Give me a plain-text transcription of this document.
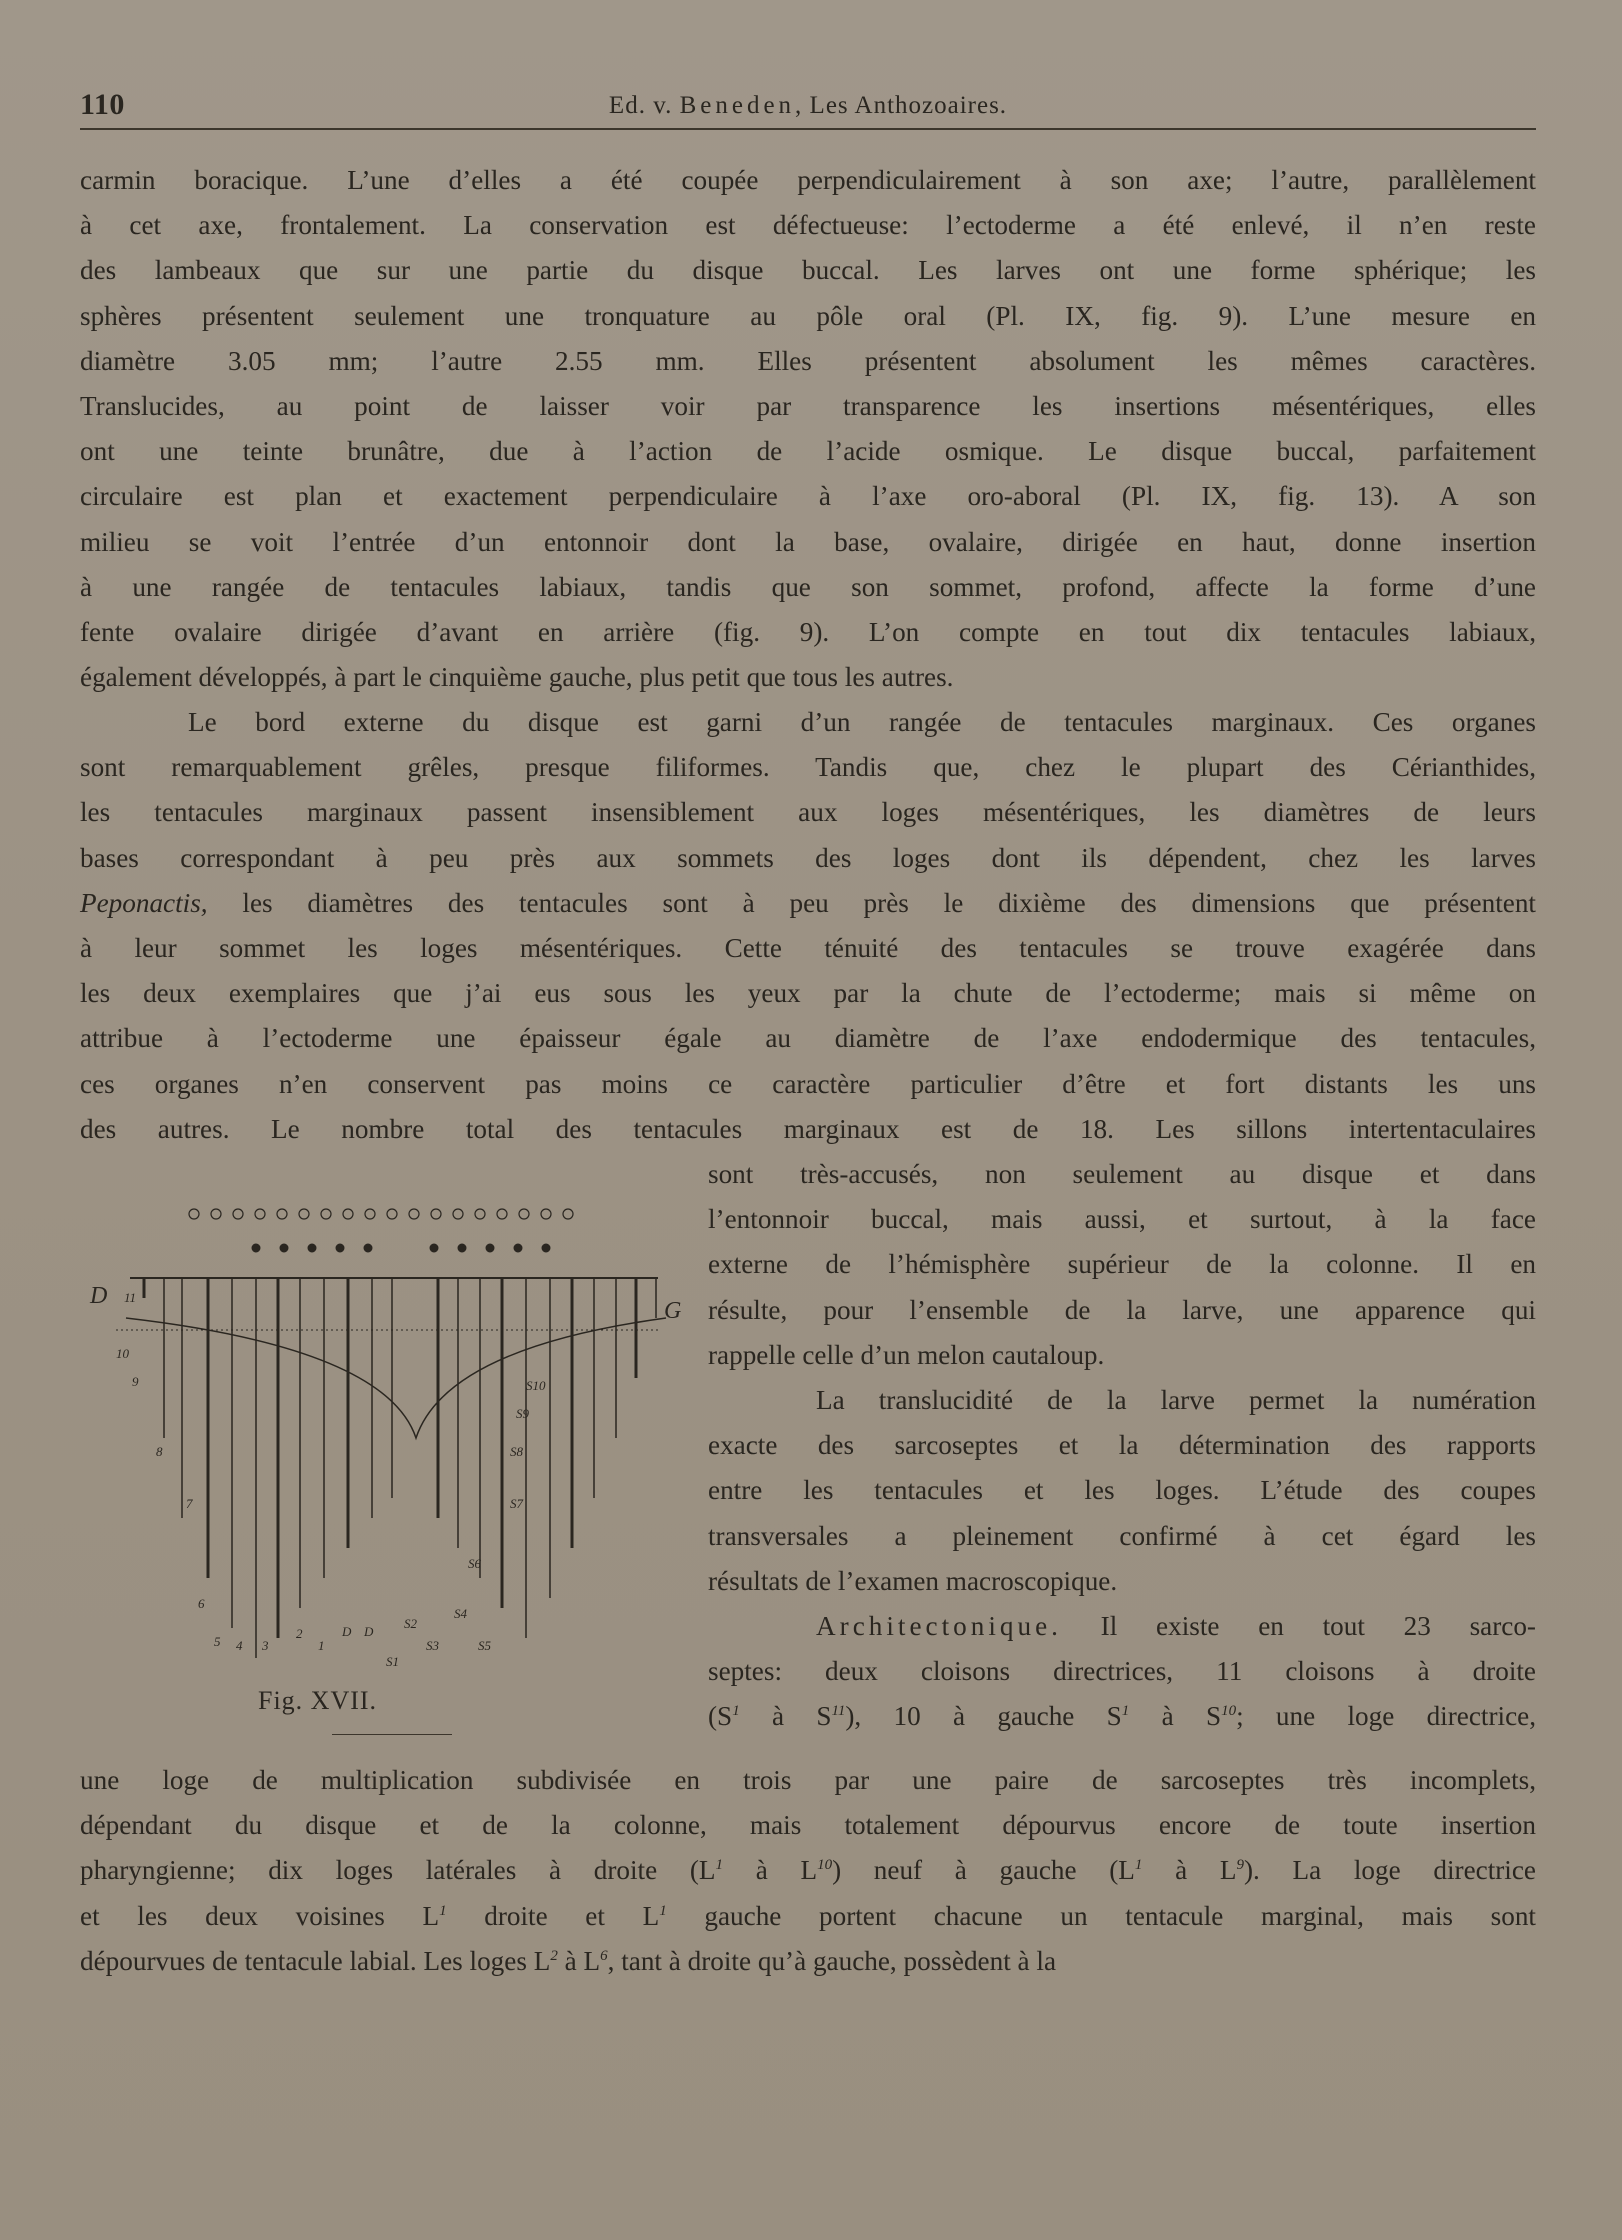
110	Ed. v. Beneden, Les Anthozoaires.

carmin boracique. L’une d’elles a été coupée perpendiculairement à son axe; l’autre, parallèlement

à cet axe, frontalement. La conservation est défectueuse: l’ectoderme a été enlevé, il n’en reste

des lambeaux que sur une partie du disque buccal. Les larves ont une forme sphérique; les

sphères présentent seulement une tronquature au pôle oral (Pl. IX, fig. 9). L’une mesure en

diamètre 3.05 mm; l’autre 2.55 mm. Elles présentent absolument les mêmes caractères.

Translucides, au point de laisser voir par transparence les insertions mésentériques, elles

ont une teinte brunâtre, due à l’action de l’acide osmique. Le disque buccal, parfaitement

circulaire est plan et exactement perpendiculaire à l’axe oro-aboral (Pl. IX, fig. 13). A son

milieu se voit l’entrée d’un entonnoir dont la base, ovalaire, dirigée en haut, donne insertion

à une rangée de tentacules labiaux, tandis que son sommet, profond, affecte la forme d’une

fente ovalaire dirigée d’avant en arrière (fig. 9). L’on compte en tout dix tentacules labiaux,

également développés, à part le cinquième gauche, plus petit que tous les autres.

Le bord externe du disque est garni d’un rangée de tentacules marginaux. Ces organes

sont remarquablement grêles, presque filiformes. Tandis que, chez le plupart des Cérianthides,

les tentacules marginaux passent insensiblement aux loges mésentériques, les diamètres de leurs

bases correspondant à peu près aux sommets des loges dont ils dépendent, chez les larves

Peponactis, les diamètres des tentacules sont à peu près le dixième des dimensions que présentent

à leur sommet les loges mésentériques. Cette ténuité des tentacules se trouve exagérée dans

les deux exemplaires que j’ai eus sous les yeux par la chute de l’ectoderme; mais si même on

attribue à l’ectoderme une épaisseur égale au diamètre de l’axe endodermique des tentacules,

ces organes n’en conservent pas moins ce caractère particulier d’être et fort distants les uns

des autres. Le nombre total des tentacules marginaux est de 18. Les sillons intertentaculaires

sont très-accusés, non seulement au disque et dans

l’entonnoir buccal, mais aussi, et surtout, à la face

externe de l’hémisphère supérieur de la colonne. Il en

résulte, pour l’ensemble de la larve, une apparence qui

rappelle celle d’un melon cautaloup.

La translucidité de la larve permet la numération

exacte des sarcoseptes et la détermination des rapports

entre les tentacules et les loges. L’étude des coupes

transversales a pleinement confirmé à cet égard les

résultats de l’examen macroscopique.

Architectonique. Il existe en tout 23 sarco-

septes: deux cloisons directrices, 11 cloisons à droite

($S^1$ à $S^{11}$), 10 à gauche $S^1$ à $S^{10}$; une loge directrice,

une loge de multiplication subdivisée en trois par une paire de sarcoseptes très incomplets,

dépendant du disque et de la colonne, mais totalement dépourvus encore de toute insertion

pharyngienne; dix loges latérales à droite ($L^1$ à $L^{10}$) neuf à gauche ($L^1$ à $L^9$). La loge directrice

et les deux voisines $L^1$ droite et $L^1$ gauche portent chacune un tentacule marginal, mais sont

dépourvues de tentacule labial. Les loges $L^2$ à $L^6$, tant à droite qu’à gauche, possèdent à la

D
G
S1
S2
S3
S4
S5
S6
S7
S8
S9
S10
11
10
9
8
7
6
5 4 3
2
1
D D
Fig. XVII.
